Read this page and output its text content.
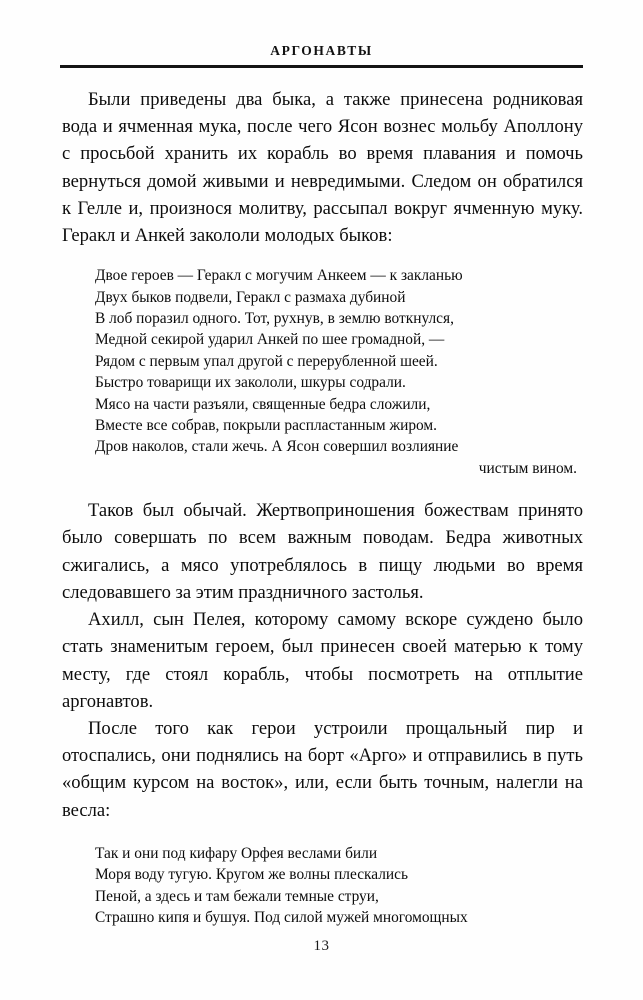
АРГОНАВТЫ

Были приведены два быка, а также принесена родниковая вода и ячменная мука, после чего Ясон вознес мольбу Аполлону с просьбой хранить их корабль во время плавания и помочь вернуться домой живыми и невредимыми. Следом он обратился к Гелле и, произнося молитву, рассыпал вокруг ячменную муку. Геракл и Анкей закололи молодых быков:

Двое героев — Геракл с могучим Анкеем — к закланью
Двух быков подвели, Геракл с размаха дубиной
В лоб поразил одного. Тот, рухнув, в землю воткнулся,
Медной секирой ударил Анкей по шее громадной, —
Рядом с первым упал другой с перерубленной шеей.
Быстро товарищи их закололи, шкуры содрали.
Мясо на части разъяли, священные бедра сложили,
Вместе все собрав, покрыли распластанным жиром.
Дров наколов, стали жечь. А Ясон совершил возлияние
чистым вином.

Таков был обычай. Жертвоприношения божествам принято было совершать по всем важным поводам. Бедра животных сжигались, а мясо употреблялось в пищу людьми во время следовавшего за этим праздничного застолья.

Ахилл, сын Пелея, которому самому вскоре суждено было стать знаменитым героем, был принесен своей матерью к тому месту, где стоял корабль, чтобы посмотреть на отплытие аргонавтов.

После того как герои устроили прощальный пир и отоспались, они поднялись на борт «Арго» и отправились в путь «общим курсом на восток», или, если быть точным, налегли на весла:

Так и они под кифару Орфея веслами били
Моря воду тугую. Кругом же волны плескались
Пеной, а здесь и там бежали темные струи,
Страшно кипя и бушуя. Под силой мужей многомощных
13
